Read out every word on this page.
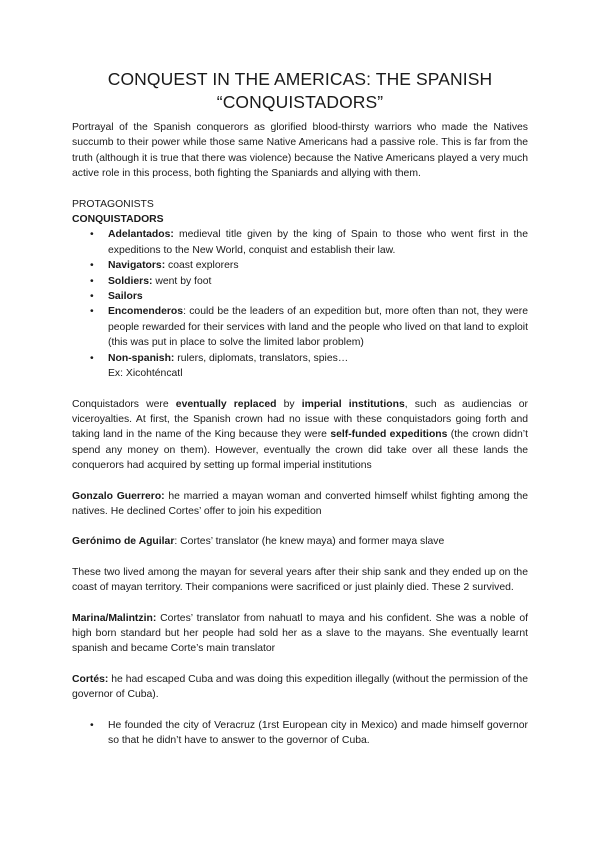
CONQUEST IN THE AMERICAS: THE SPANISH
“CONQUISTADORS”

Portrayal of the Spanish conquerors as glorified blood-thirsty warriors who made the Natives succumb to their power while those same Native Americans had a passive role. This is far from the truth (although it is true that there was violence) because the Native Americans played a very much active role in this process, both fighting the Spaniards and allying with them.

PROTAGONISTS

CONQUISTADORS

• Adelantados: medieval title given by the king of Spain to those who went first in the expeditions to the New World, conquist and establish their law.
• Navigators: coast explorers
• Soldiers: went by foot
• Sailors
• Encomenderos: could be the leaders of an expedition but, more often than not, they were people rewarded for their services with land and the people who lived on that land to exploit (this was put in place to solve the limited labor problem)
• Non-spanish: rulers, diplomats, translators, spies…
Ex: Xicohténcatl

Conquistadors were eventually replaced by imperial institutions, such as audiencias or viceroyalties. At first, the Spanish crown had no issue with these conquistadors going forth and taking land in the name of the King because they were self-funded expeditions (the crown didn’t spend any money on them). However, eventually the crown did take over all these lands the conquerors had acquired by setting up formal imperial institutions

Gonzalo Guerrero: he married a mayan woman and converted himself whilst fighting among the natives. He declined Cortes’ offer to join his expedition

Gerónimo de Aguilar: Cortes’ translator (he knew maya) and former maya slave

These two lived among the mayan for several years after their ship sank and they ended up on the coast of mayan territory. Their companions were sacrificed or just plainly died. These 2 survived.

Marina/Malintzin: Cortes’ translator from nahuatl to maya and his confident. She was a noble of high born standard but her people had sold her as a slave to the mayans. She eventually learnt spanish and became Corte’s main translator

Cortés: he had escaped Cuba and was doing this expedition illegally (without the permission of the governor of Cuba).

• He founded the city of Veracruz (1rst European city in Mexico) and made himself governor so that he didn’t have to answer to the governor of Cuba.
